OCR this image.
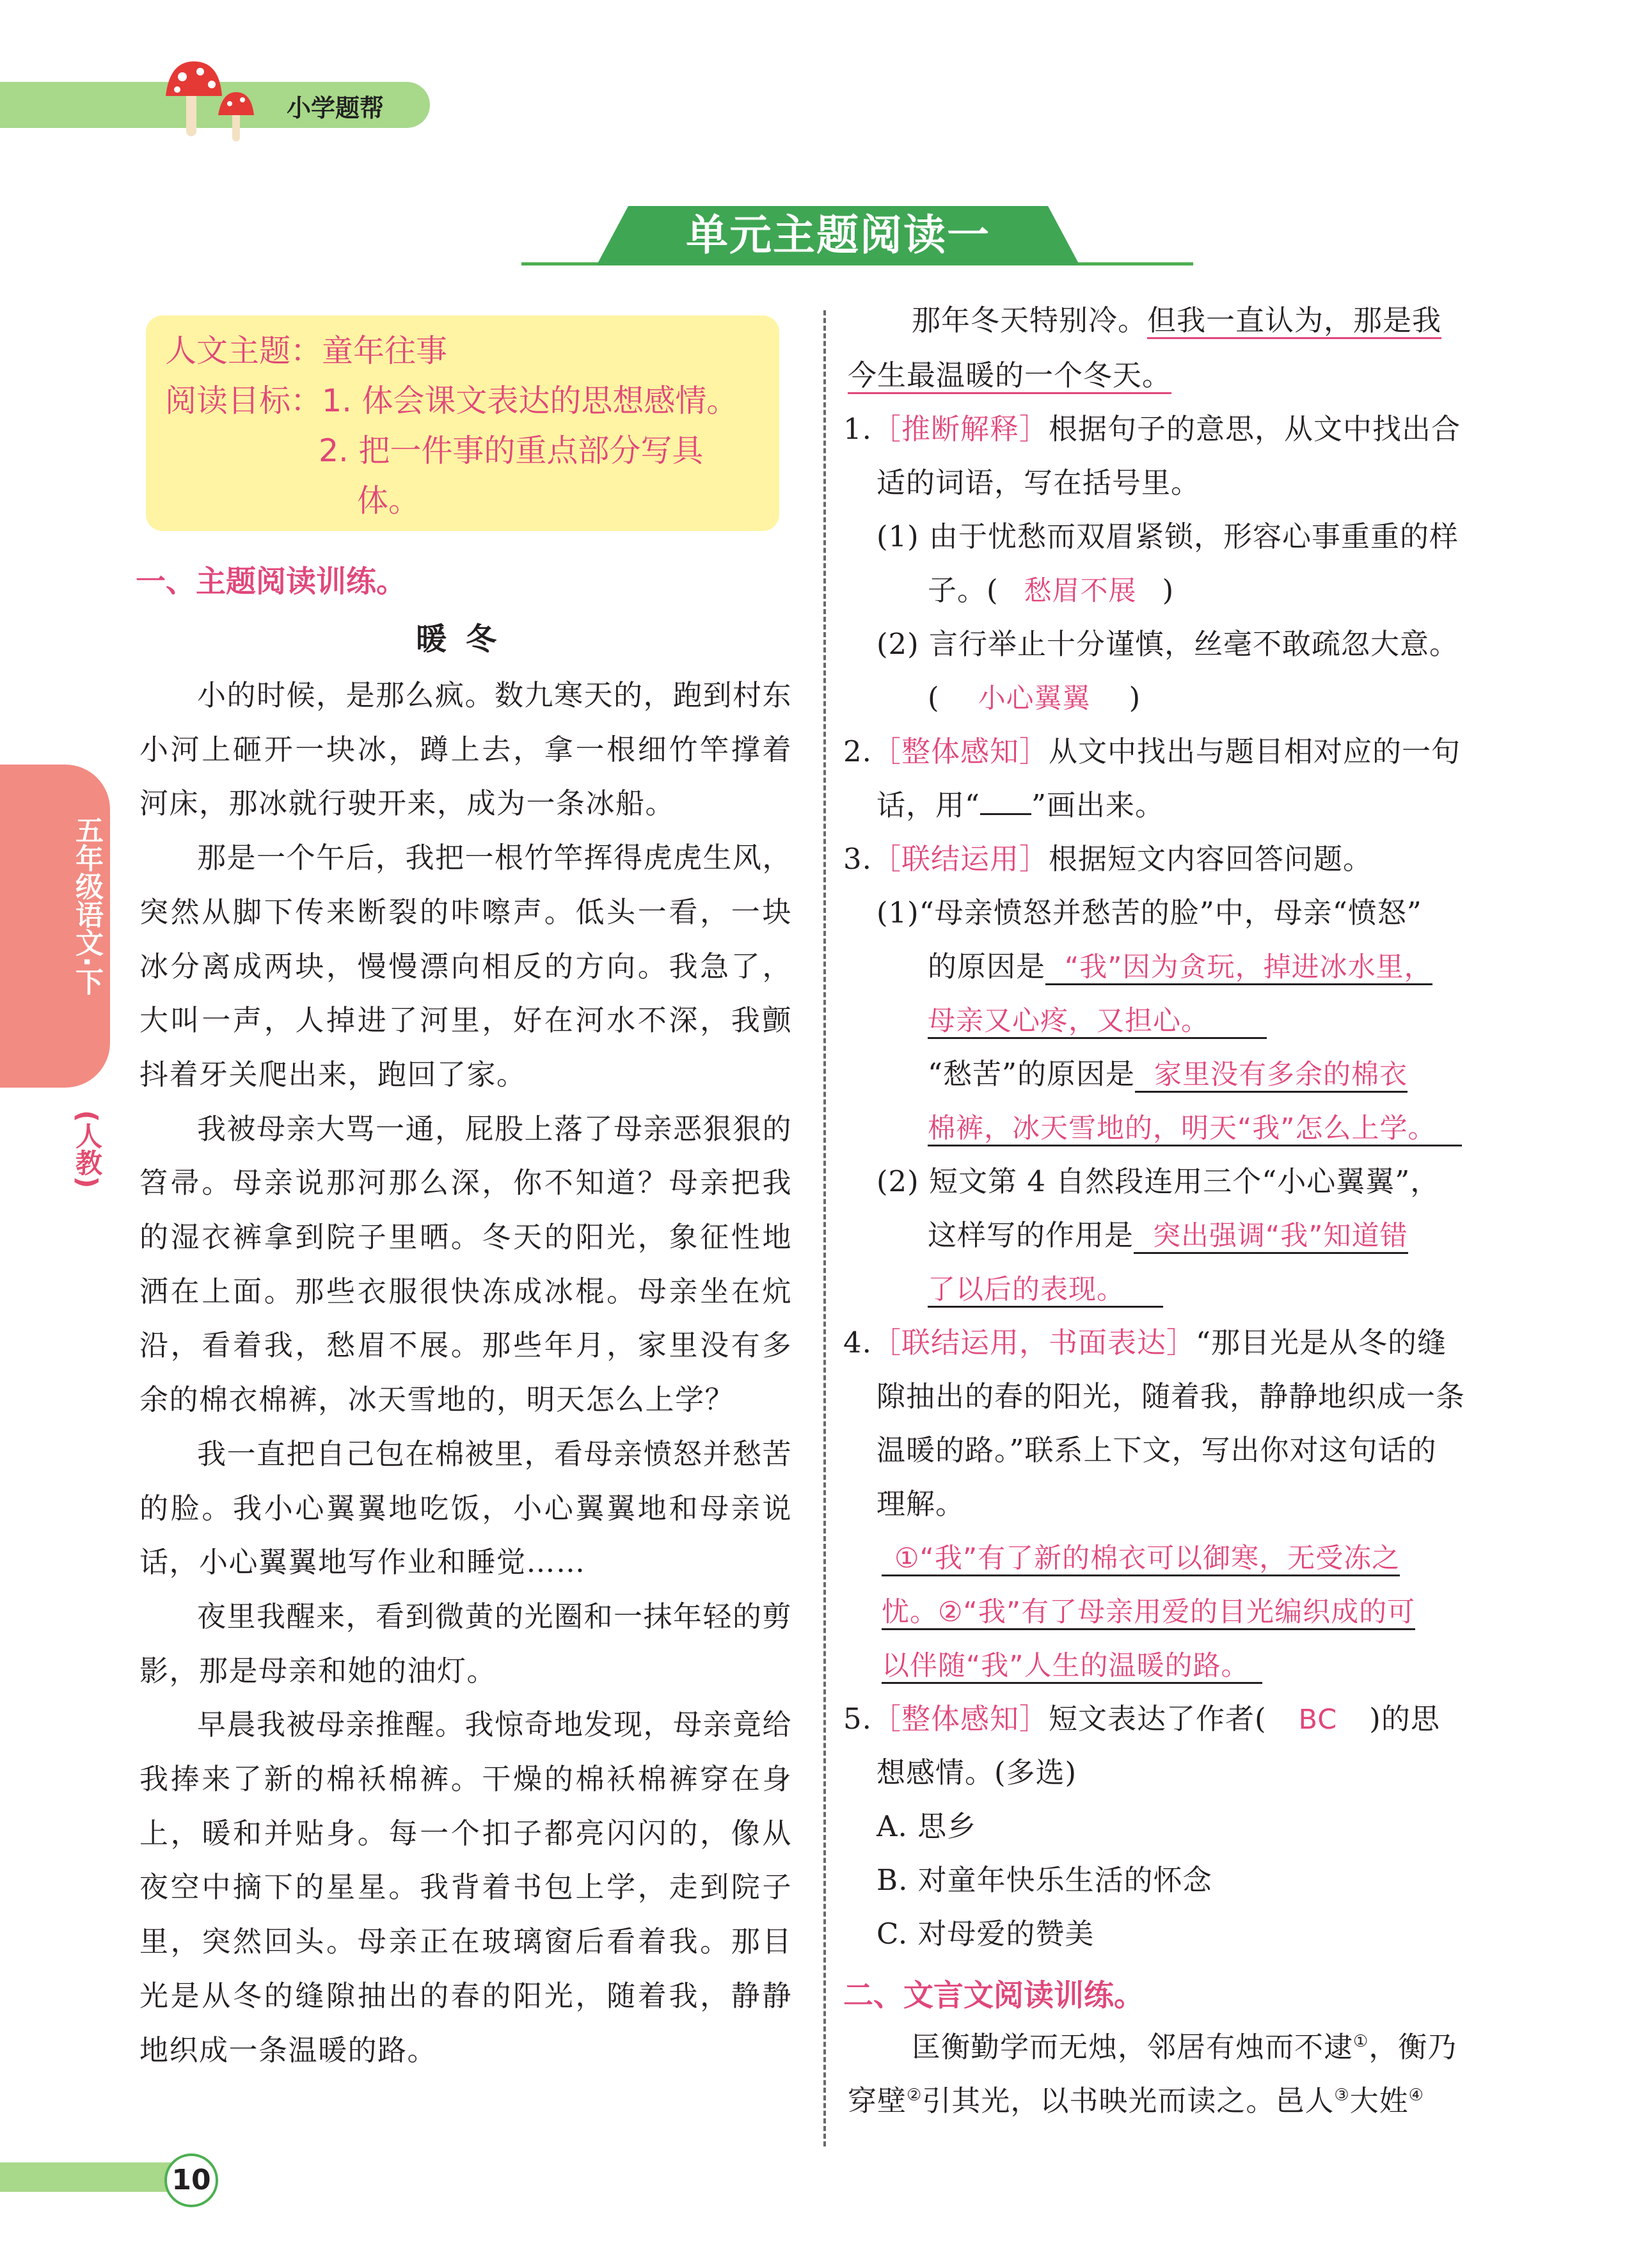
小学题帮
单元主题阅读一
五年级语文·下
(人教)
人文主题：童年往事
阅读目标：1. 体会课文表达的思想感情。
2. 把一件事的重点部分写具
体。
一、主题阅读训练。
暖冬

小的时候，是那么疯。数九寒天的，跑到村东小河上砸开一块冰，蹲上去，拿一根细竹竿撑着河床，那冰就行驶开来，成为一条冰船。

那是一个午后，我把一根竹竿挥得虎虎生风，突然从脚下传来断裂的咔嚓声。低头一看，一块冰分离成两块，慢慢漂向相反的方向。我急了，大叫一声，人掉进了河里，好在河水不深，我颤抖着牙关爬出来，跑回了家。

我被母亲大骂一通，屁股上落了母亲恶狠狠的笤帚。母亲说那河那么深，你不知道？母亲把我的湿衣裤拿到院子里晒。冬天的阳光，象征性地洒在上面。那些衣服很快冻成冰棍。母亲坐在炕沿，看着我，愁眉不展。那些年月，家里没有多余的棉衣棉裤，冰天雪地的，明天怎么上学？

我一直把自己包在棉被里，看母亲愤怒并愁苦的脸。我小心翼翼地吃饭，小心翼翼地和母亲说话，小心翼翼地写作业和睡觉……

夜里我醒来，看到微黄的光圈和一抹年轻的剪影，那是母亲和她的油灯。

早晨我被母亲推醒。我惊奇地发现，母亲竟给我捧来了新的棉袄棉裤。干燥的棉袄棉裤穿在身上，暖和并贴身。每一个扣子都亮闪闪的，像从夜空中摘下的星星。我背着书包上学，走到院子里，突然回头。母亲正在玻璃窗后看着我。那目光是从冬的缝隙抽出的春的阳光，随着我，静静地织成一条温暖的路。

那年冬天特别冷。但我一直认为，那是我
今生最温暖的一个冬天。
1.［推断解释］根据句子的意思，从文中找出合
适的词语，写在括号里。
(1) 由于忧愁而双眉紧锁，形容心事重重的样
子。( 愁眉不展 )
(2) 言行举止十分谨慎，丝毫不敢疏忽大意。
( 小心翼翼 )
2.［整体感知］从文中找出与题目相对应的一句
话，用“ ”画出来。
3.［联结运用］根据短文内容回答问题。
(1)“母亲愤怒并愁苦的脸”中，母亲“愤怒”
的原因是 “我”因为贪玩，掉进冰水里，
母亲又心疼，又担心。
“愁苦”的原因是 家里没有多余的棉衣
棉裤，冰天雪地的，明天“我”怎么上学。
(2) 短文第 4 自然段连用三个“小心翼翼”，
这样写的作用是 突出强调“我”知道错
了以后的表现。
4.［联结运用，书面表达］“那目光是从冬的缝
隙抽出的春的阳光，随着我，静静地织成一条
温暖的路。”联系上下文，写出你对这句话的
理解。
①“我”有了新的棉衣可以御寒，无受冻之
忧。②“我”有了母亲用爱的目光编织成的可
以伴随“我”人生的温暖的路。
5.［整体感知］短文表达了作者( BC )的思
想感情。(多选)
A. 思乡
B. 对童年快乐生活的怀念
C. 对母爱的赞美
二、文言文阅读训练。
匡衡勤学而无烛，邻居有烛而不逮①，衡乃
穿壁②引其光，以书映光而读之。邑人③大姓④
10
